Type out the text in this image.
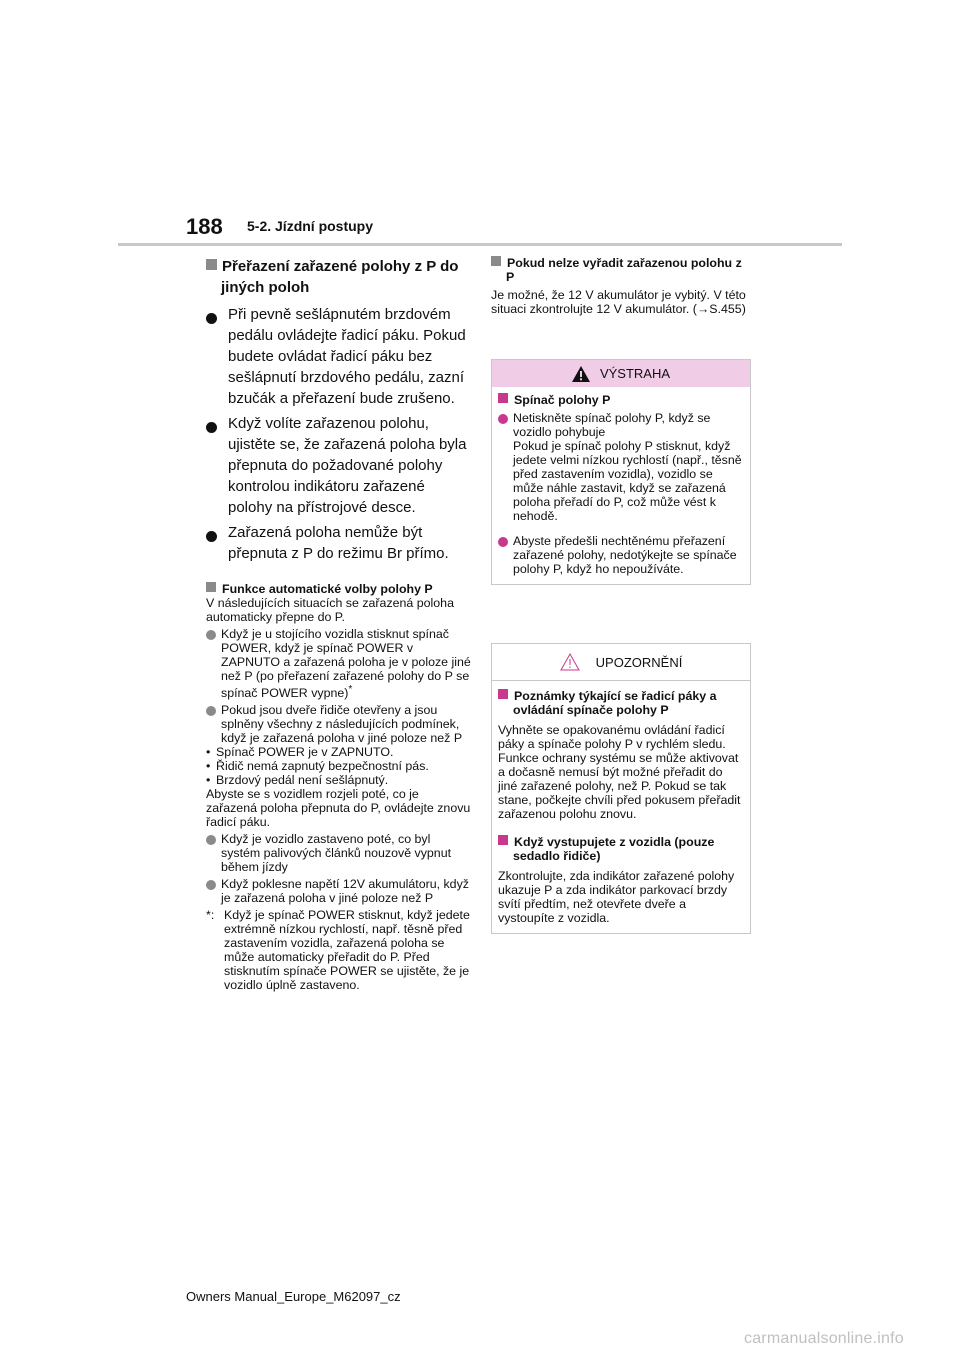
188 5-2. Jízdní postupy
Přeřazení zařazené polohy z P do jiných poloh
Při pevně sešlápnutém brzdovém pedálu ovládejte řadicí páku. Pokud budete ovládat řadicí páku bez sešlápnutí brzdového pedálu, zazní bzučák a přeřazení bude zrušeno.
Když volíte zařazenou polohu, ujistěte se, že zařazená poloha byla přepnuta do požadované polohy kontrolou indikátoru zařazené polohy na přístrojové desce.
Zařazená poloha nemůže být přepnuta z P do režimu Br přímo.
Funkce automatické volby polohy P

V následujících situacích se zařazená poloha automaticky přepne do P.

Když je u stojícího vozidla stisknut spínač POWER, když je spínač POWER v ZAPNUTO a zařazená poloha je v poloze jiné než P (po přeřazení zařazené polohy do P se spínač POWER vypne)*
Pokud jsou dveře řidiče otevřeny a jsou splněny všechny z následujících podmínek, když je zařazená poloha v jiné poloze než P
• Spínač POWER je v ZAPNUTO.
• Řidič nemá zapnutý bezpečnostní pás.
• Brzdový pedál není sešlápnutý.

Abyste se s vozidlem rozjeli poté, co je zařazená poloha přepnuta do P, ovládejte znovu řadicí páku.

Když je vozidlo zastaveno poté, co byl systém palivových článků nouzově vypnut během jízdy
Když poklesne napětí 12V akumulátoru, když je zařazená poloha v jiné poloze než P
*: Když je spínač POWER stisknut, když jedete extrémně nízkou rychlostí, např. těsně před zastavením vozidla, zařazená poloha se může automaticky přeřadit do P. Před stisknutím spínače POWER se ujistěte, že je vozidlo úplně zastaveno.
Pokud nelze vyřadit zařazenou polohu z P

Je možné, že 12 V akumulátor je vybitý. V této situaci zkontrolujte 12 V akumulátor. (→S.455)

VÝSTRAHA
Spínač polohy P
Netiskněte spínač polohy P, když se vozidlo pohybuje
Pokud je spínač polohy P stisknut, když jedete velmi nízkou rychlostí (např., těsně před zastavením vozidla), vozidlo se může náhle zastavit, když se zařazená poloha přeřadí do P, což může vést k nehodě.
Abyste předešli nechtěnému přeřazení zařazené polohy, nedotýkejte se spínače polohy P, když ho nepoužíváte.
UPOZORNĚNÍ
Poznámky týkající se řadicí páky a ovládání spínače polohy P

Vyhněte se opakovanému ovládání řadicí páky a spínače polohy P v rychlém sledu.

Funkce ochrany systému se může aktivovat a dočasně nemusí být možné přeřadit do jiné zařazené polohy, než P. Pokud se tak stane, počkejte chvíli před pokusem přeřadit zařazenou polohu znovu.

Když vystupujete z vozidla (pouze sedadlo řidiče)

Zkontrolujte, zda indikátor zařazené polohy ukazuje P a zda indikátor parkovací brzdy svítí předtím, než otevřete dveře a vystoupíte z vozidla.

Owners Manual_Europe_M62097_cz
carmanualsonline.info
